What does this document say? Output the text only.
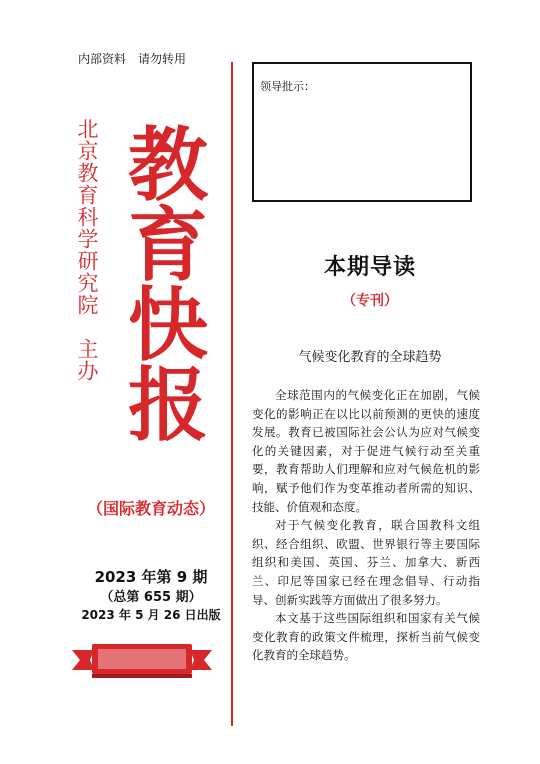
内部资料　请勿转用
北京教育科学研究院　主办 教
育
快
报
（国际教育动态）
2023 年第 9 期
（总第 655 期）
2023 年 5 月 26 日出版
领导批示：
本期导读
（专刊）
气候变化教育的全球趋势

全球范围内的气候变化正在加剧，气候变化的影响正在以比以前预测的更快的速度发展。教育已被国际社会公认为应对气候变化的关键因素，对于促进气候行动至关重要，教育帮助人们理解和应对气候危机的影响，赋予他们作为变革推动者所需的知识、技能、价值观和态度。

对于气候变化教育，联合国教科文组织、经合组织、欧盟、世界银行等主要国际组织和美国、英国、芬兰、加拿大、新西兰、印尼等国家已经在理念倡导、行动指导、创新实践等方面做出了很多努力。

本文基于这些国际组织和国家有关气候变化教育的政策文件梳理，探析当前气候变化教育的全球趋势。
